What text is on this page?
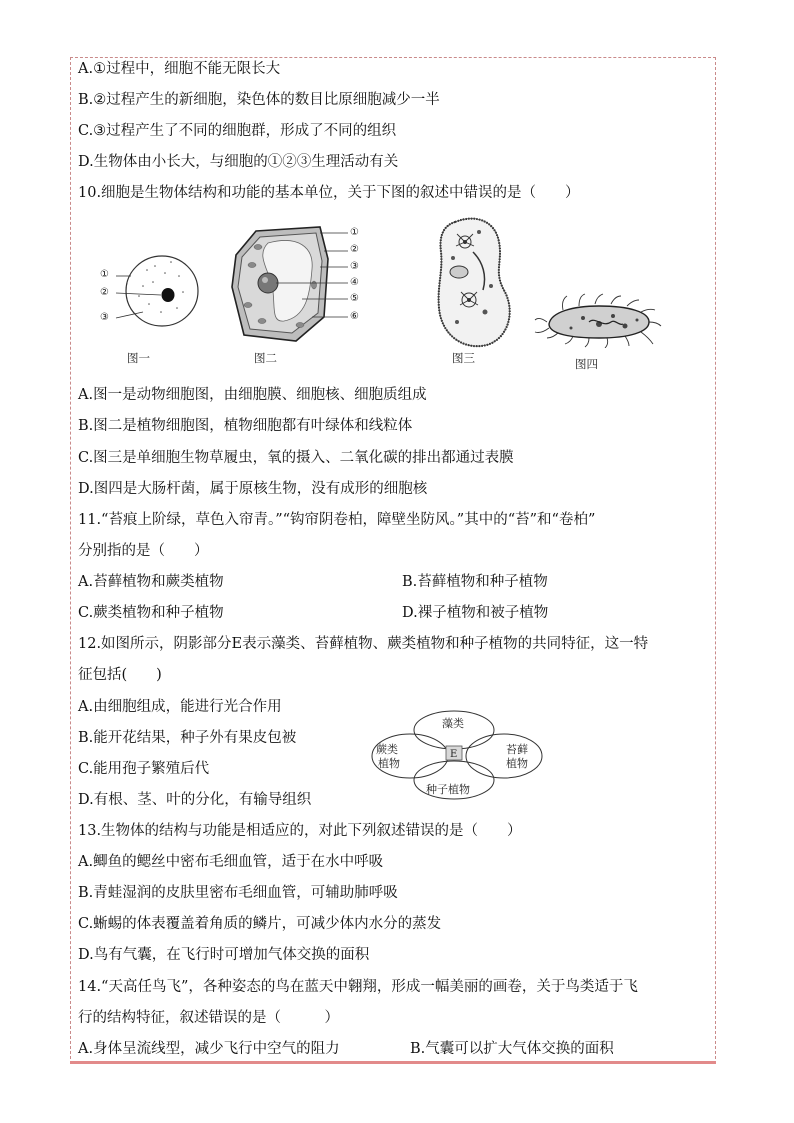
A.①过程中，细胞不能无限长大
B.②过程产生的新细胞，染色体的数目比原细胞减少一半
C.③过程产生了不同的细胞群，形成了不同的组织
D.生物体由小长大，与细胞的①②③生理活动有关
10.细胞是生物体结构和功能的基本单位，关于下图的叙述中错误的是（　　）
①
②
③
图一
①
②
③
④
⑤
⑥
图二	图三	图四
A.图一是动物细胞图，由细胞膜、细胞核、细胞质组成
B.图二是植物细胞图，植物细胞都有叶绿体和线粒体
C.图三是单细胞生物草履虫，氧的摄入、二氧化碳的排出都通过表膜
D.图四是大肠杆菌，属于原核生物，没有成形的细胞核
11.“苔痕上阶绿，草色入帘青。”“钩帘阴卷柏，障壁坐防风。”其中的“苔”和“卷柏”
分别指的是（　　）
A.苔藓植物和蕨类植物	B.苔藓植物和种子植物
C.蕨类植物和种子植物	D.裸子植物和被子植物
12.如图所示，阴影部分E表示藻类、苔藓植物、蕨类植物和种子植物的共同特征，这一特
征包括(　　)
A.由细胞组成，能进行光合作用
B.能开花结果，种子外有果皮包被
C.能用孢子繁殖后代
D.有根、茎、叶的分化，有输导组织
藻类
蕨类
植物
苔藓
植物
种子植物
E
13.生物体的结构与功能是相适应的，对此下列叙述错误的是（　　）
A.鲫鱼的鳃丝中密布毛细血管，适于在水中呼吸
B.青蛙湿润的皮肤里密布毛细血管，可辅助肺呼吸
C.蜥蜴的体表覆盖着角质的鳞片，可减少体内水分的蒸发
D.鸟有气囊，在飞行时可增加气体交换的面积
14.“天高任鸟飞”，各种姿态的鸟在蓝天中翱翔，形成一幅美丽的画卷，关于鸟类适于飞
行的结构特征，叙述错误的是（　　　）
A.身体呈流线型，减少飞行中空气的阻力	B.气囊可以扩大气体交换的面积
